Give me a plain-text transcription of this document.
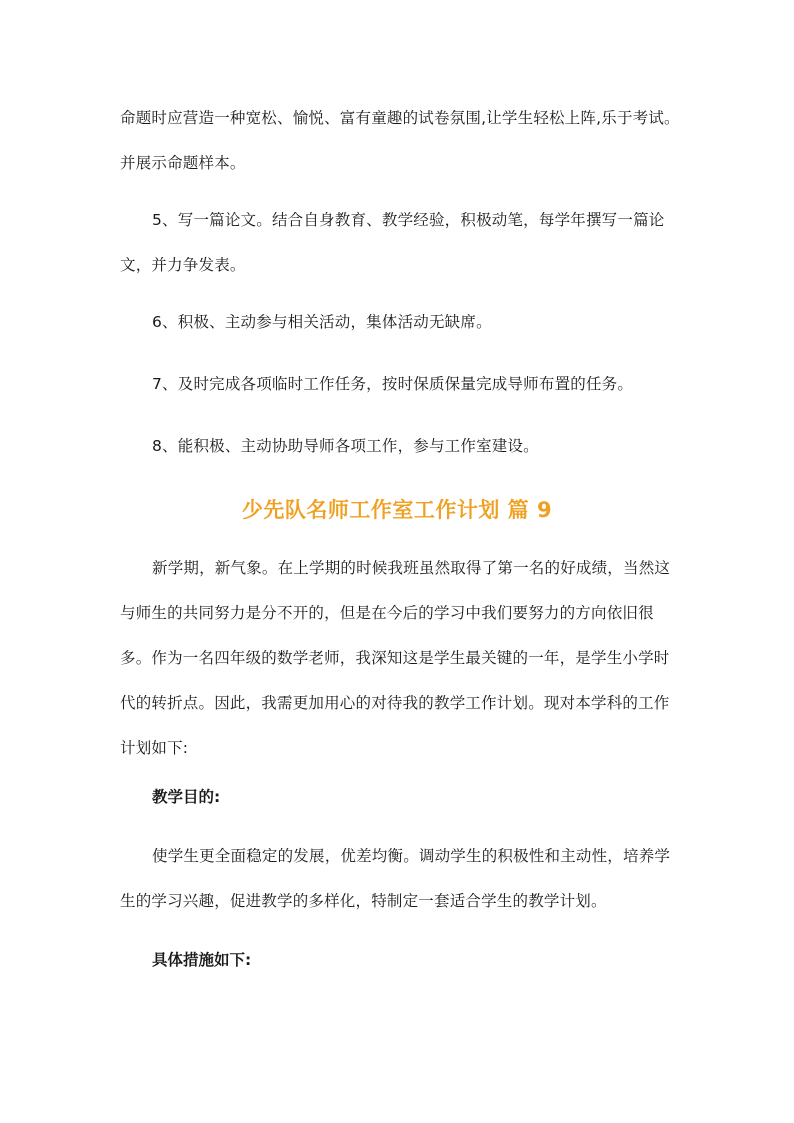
命题时应营造一种宽松、愉悦、富有童趣的试卷氛围,让学生轻松上阵,乐于考试。
并展示命题样本。

5、写一篇论文。结合自身教育、教学经验，积极动笔，每学年撰写一篇论
文，并力争发表。

6、积极、主动参与相关活动，集体活动无缺席。

7、及时完成各项临时工作任务，按时保质保量完成导师布置的任务。

8、能积极、主动协助导师各项工作，参与工作室建设。

少先队名师工作室工作计划 篇 9

新学期，新气象。在上学期的时候我班虽然取得了第一名的好成绩，当然这
与师生的共同努力是分不开的，但是在今后的学习中我们要努力的方向依旧很
多。作为一名四年级的数学老师，我深知这是学生最关键的一年，是学生小学时
代的转折点。因此，我需更加用心的对待我的教学工作计划。现对本学科的工作
计划如下:

教学目的:

使学生更全面稳定的发展，优差均衡。调动学生的积极性和主动性，培养学
生的学习兴趣，促进教学的多样化，特制定一套适合学生的教学计划。

具体措施如下:
